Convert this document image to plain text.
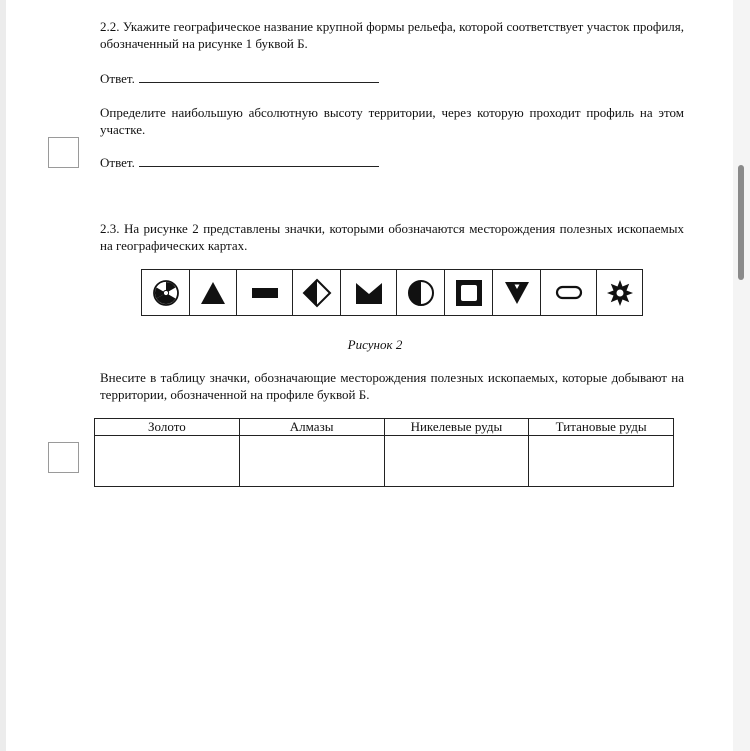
2.2. Укажите географическое название крупной формы рельефа, которой соответствует участок профиля, обозначенный на рисунке 1 буквой Б.
Ответ.
Определите наибольшую абсолютную высоту территории, через которую проходит профиль на этом участке.
Ответ.
2.3. На рисунке 2 представлены значки, которыми обозначаются месторождения полезных ископаемых на географических картах.
Рисунок 2
Внесите в таблицу значки, обозначающие месторождения полезных ископаемых, которые добывают на территории, обозначенной на профиле буквой Б.
Золото	Алмазы	Никелевые руды	Титановые руды
